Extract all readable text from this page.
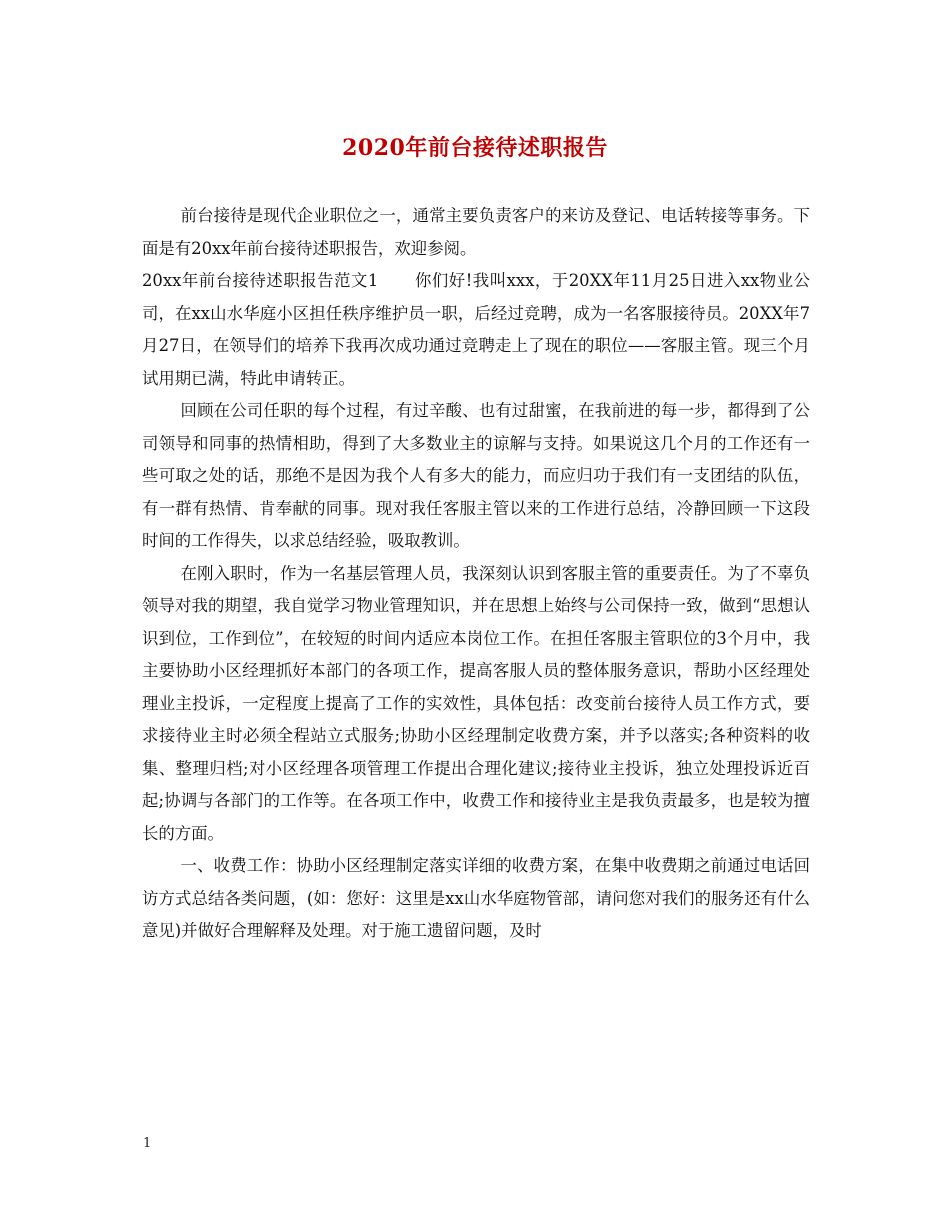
2020年前台接待述职报告

前台接待是现代企业职位之一，通常主要负责客户的来访及登记、电话转接等事务。下面是有20xx年前台接待述职报告，欢迎参阅。

20xx年前台接待述职报告范文1 你们好!我叫xxx，于20XX年11月25日进入xx物业公司，在xx山水华庭小区担任秩序维护员一职，后经过竞聘，成为一名客服接待员。20XX年7月27日，在领导们的培养下我再次成功通过竞聘走上了现在的职位——客服主管。现三个月试用期已满，特此申请转正。

回顾在公司任职的每个过程，有过辛酸、也有过甜蜜，在我前进的每一步，都得到了公司领导和同事的热情相助，得到了大多数业主的谅解与支持。如果说这几个月的工作还有一些可取之处的话，那绝不是因为我个人有多大的能力，而应归功于我们有一支团结的队伍，有一群有热情、肯奉献的同事。现对我任客服主管以来的工作进行总结，冷静回顾一下这段时间的工作得失，以求总结经验，吸取教训。

在刚入职时，作为一名基层管理人员，我深刻认识到客服主管的重要责任。为了不辜负领导对我的期望，我自觉学习物业管理知识，并在思想上始终与公司保持一致，做到“思想认识到位，工作到位”，在较短的时间内适应本岗位工作。在担任客服主管职位的3个月中，我主要协助小区经理抓好本部门的各项工作，提高客服人员的整体服务意识，帮助小区经理处理业主投诉，一定程度上提高了工作的实效性，具体包括：改变前台接待人员工作方式，要求接待业主时必须全程站立式服务;协助小区经理制定收费方案，并予以落实;各种资料的收集、整理归档;对小区经理各项管理工作提出合理化建议;接待业主投诉，独立处理投诉近百起;协调与各部门的工作等。在各项工作中，收费工作和接待业主是我负责最多，也是较为擅长的方面。

一、收费工作：协助小区经理制定落实详细的收费方案，在集中收费期之前通过电话回访方式总结各类问题，(如：您好：这里是xx山水华庭物管部，请问您对我们的服务还有什么意见)并做好合理解释及处理。对于施工遗留问题，及时

1
